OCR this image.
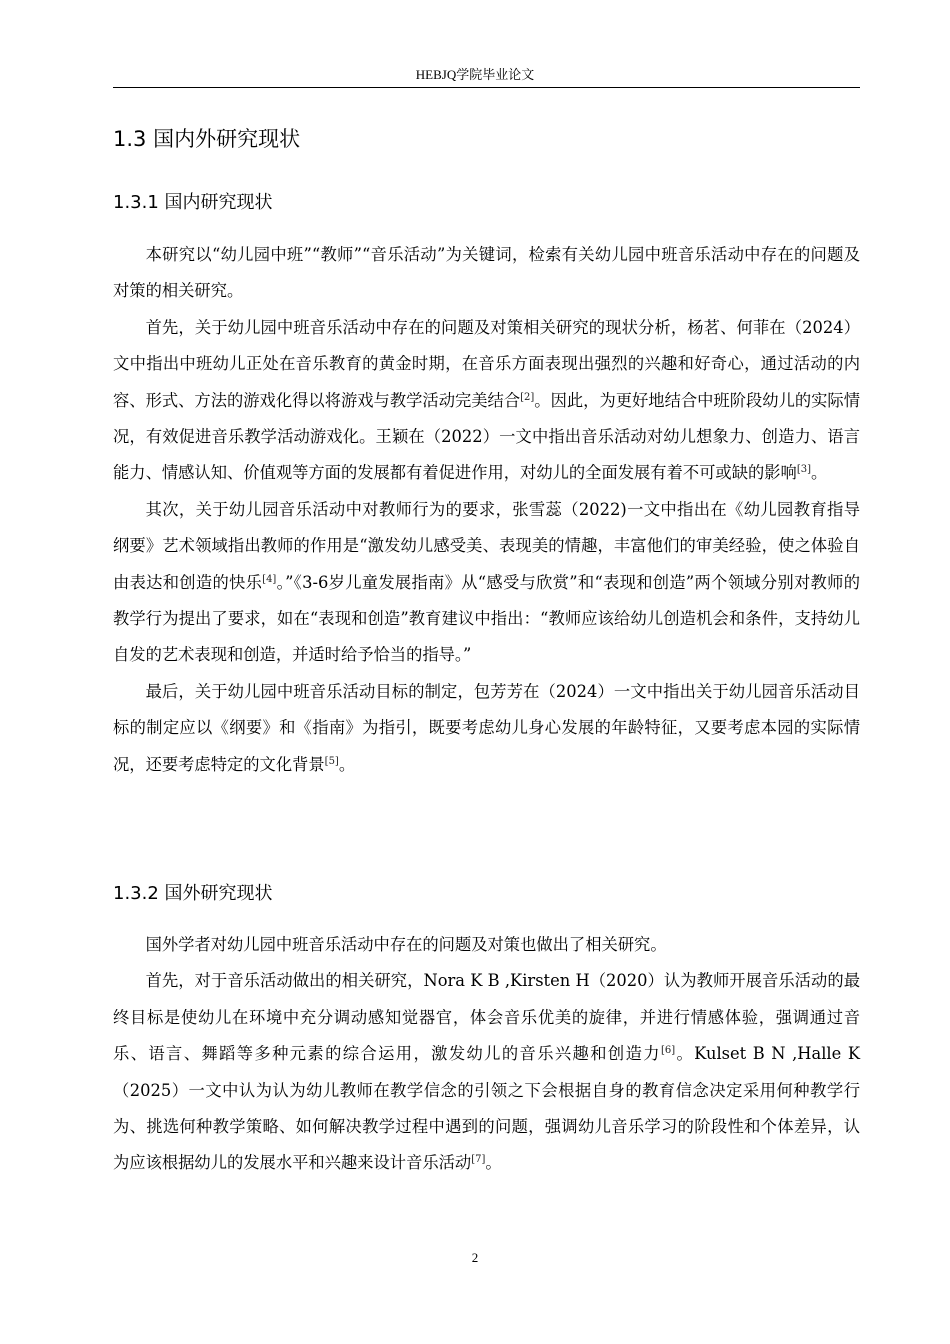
HEBJQ学院毕业论文
1.3 国内外研究现状
1.3.1 国内研究现状

本研究以“幼儿园中班”“教师”“音乐活动”为关键词，检索有关幼儿园中班音乐活动中存在的问题及对策的相关研究。

首先，关于幼儿园中班音乐活动中存在的问题及对策相关研究的现状分析，杨茗、何菲在（2024）文中指出中班幼儿正处在音乐教育的黄金时期，在音乐方面表现出强烈的兴趣和好奇心，通过活动的内容、形式、方法的游戏化得以将游戏与教学活动完美结合[2]。因此，为更好地结合中班阶段幼儿的实际情况，有效促进音乐教学活动游戏化。王颖在（2022）一文中指出音乐活动对幼儿想象力、创造力、语言能力、情感认知、价值观等方面的发展都有着促进作用，对幼儿的全面发展有着不可或缺的影响[3]。

其次，关于幼儿园音乐活动中对教师行为的要求，张雪蕊（2022)一文中指出在《幼儿园教育指导纲要》艺术领域指出教师的作用是“激发幼儿感受美、表现美的情趣，丰富他们的审美经验，使之体验自由表达和创造的快乐[4]。”《3-6岁儿童发展指南》从“感受与欣赏”和“表现和创造”两个领域分别对教师的教学行为提出了要求，如在“表现和创造”教育建议中指出：“教师应该给幼儿创造机会和条件，支持幼儿自发的艺术表现和创造，并适时给予恰当的指导。”

最后，关于幼儿园中班音乐活动目标的制定，包芳芳在（2024）一文中指出关于幼儿园音乐活动目标的制定应以《纲要》和《指南》为指引，既要考虑幼儿身心发展的年龄特征，又要考虑本园的实际情况，还要考虑特定的文化背景[5]。

1.3.2 国外研究现状

国外学者对幼儿园中班音乐活动中存在的问题及对策也做出了相关研究。

首先，对于音乐活动做出的相关研究，Nora K B ,Kirsten H（2020）认为教师开展音乐活动的最终目标是使幼儿在环境中充分调动感知觉器官，体会音乐优美的旋律，并进行情感体验，强调通过音乐、语言、舞蹈等多种元素的综合运用，激发幼儿的音乐兴趣和创造力[6]。Kulset B N ,Halle K（2025）一文中认为认为幼儿教师在教学信念的引领之下会根据自身的教育信念决定采用何种教学行为、挑选何种教学策略、如何解决教学过程中遇到的问题，强调幼儿音乐学习的阶段性和个体差异，认为应该根据幼儿的发展水平和兴趣来设计音乐活动[7]。

2
